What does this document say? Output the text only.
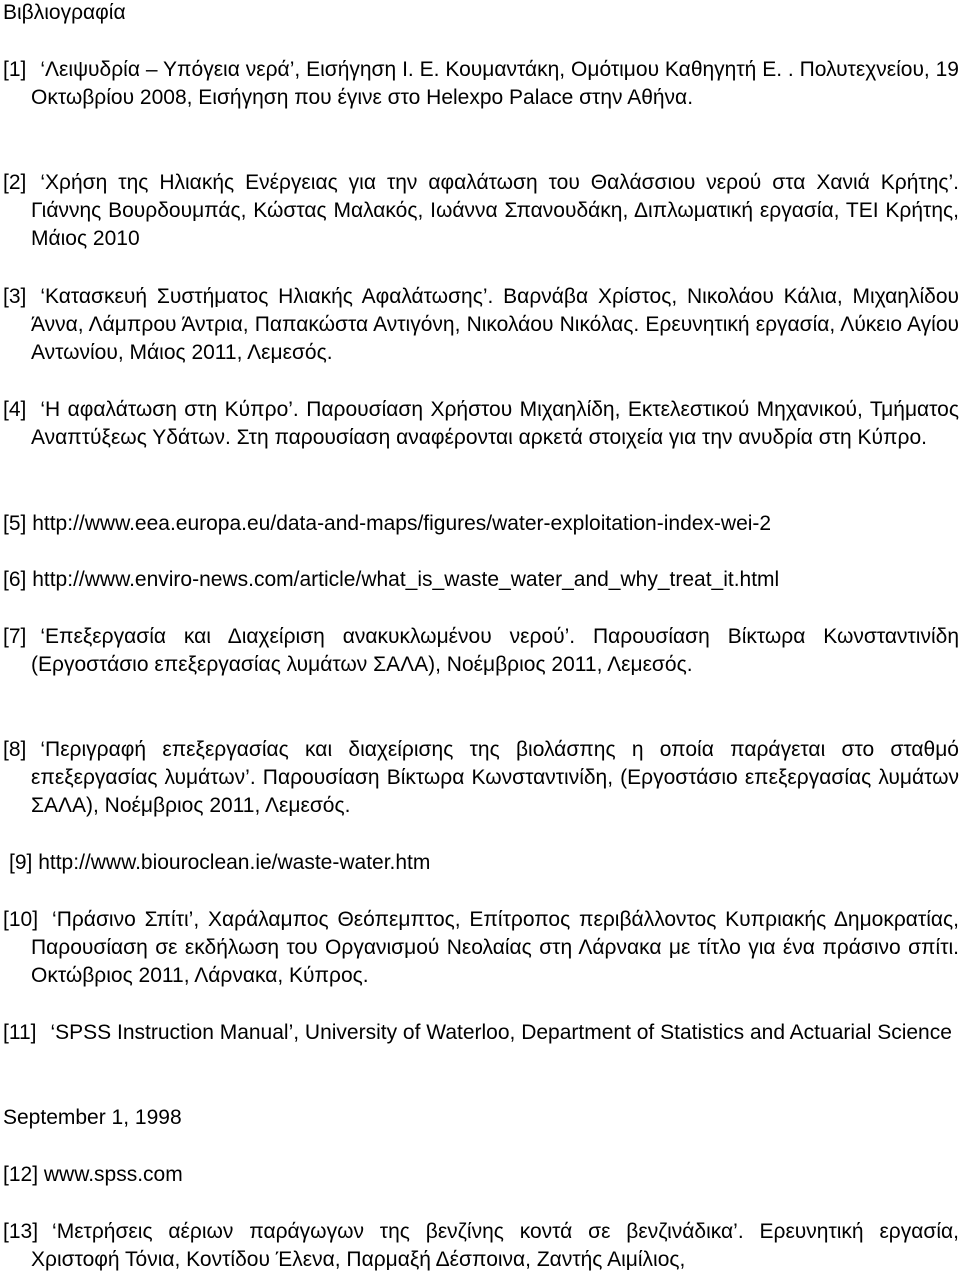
Βιβλιογραφία

[1] ‘Λειψυδρία – Υπόγεια νερά’, Εισήγηση Ι. Ε. Κουμαντάκη, Ομότιμου Καθηγητή Ε. . Πολυτεχνείου, 19 Οκτωβρίου 2008, Εισήγηση που έγινε στο Helexpo Palace στην Αθήνα.

[2] ‘Χρήση της Ηλιακής Ενέργειας για την αφαλάτωση του Θαλάσσιου νερού στα Χανιά Κρήτης’. Γιάννης Βουρδουμπάς, Κώστας Μαλακός, Ιωάννα Σπανουδάκη, Διπλωματική εργασία, ΤΕΙ Κρήτης, Μάιος 2010

[3] ‘Κατασκευή Συστήματος Ηλιακής Αφαλάτωσης’. Βαρνάβα Χρίστος, Νικολάου Κάλια, Μιχαηλίδου Άννα, Λάμπρου Άντρια, Παπακώστα Αντιγόνη, Νικολάου Νικόλας. Ερευνητική εργασία, Λύκειο Αγίου Αντωνίου, Μάιος 2011, Λεμεσός.

[4] ‘Η αφαλάτωση στη Κύπρο’. Παρουσίαση Χρήστου Μιχαηλίδη, Εκτελεστικού Μηχανικού, Τμήματος Αναπτύξεως Υδάτων. Στη παρουσίαση αναφέρονται αρκετά στοιχεία για την ανυδρία στη Κύπρο.

[5] http://www.eea.europa.eu/data-and-maps/figures/water-exploitation-index-wei-2

[6] http://www.enviro-news.com/article/what_is_waste_water_and_why_treat_it.html

[7] ‘Επεξεργασία και Διαχείριση ανακυκλωμένου νερού’. Παρουσίαση Βίκτωρα Κωνσταντινίδη (Εργοστάσιο επεξεργασίας λυμάτων ΣΑΛΑ), Νοέμβριος 2011, Λεμεσός.

[8] ‘Περιγραφή επεξεργασίας και διαχείρισης της βιολάσπης η οποία παράγεται στο σταθμό επεξεργασίας λυμάτων’. Παρουσίαση Βίκτωρα Κωνσταντινίδη, (Εργοστάσιο επεξεργασίας λυμάτων ΣΑΛΑ), Νοέμβριος 2011, Λεμεσός.

[9] http://www.biouroclean.ie/waste-water.htm

[10] ‘Πράσινο Σπίτι’, Χαράλαμπος Θεόπεμπτος, Επίτροπος περιβάλλοντος Κυπριακής Δημοκρατίας, Παρουσίαση σε εκδήλωση του Οργανισμού Νεολαίας στη Λάρνακα με τίτλο για ένα πράσινο σπίτι. Οκτώβριος 2011, Λάρνακα, Κύπρος.

[11] ‘SPSS Instruction Manual’, University of Waterloo, Department of Statistics and Actuarial Science

September 1, 1998

[12] www.spss.com

[13] ‘Μετρήσεις αέριων παράγωγων της βενζίνης κοντά σε βενζινάδικα’. Ερευνητική εργασία, Χριστοφή Τόνια, Κοντίδου Έλενα, Παρμαξή Δέσποινα, Ζαντής Αιμίλιος,
